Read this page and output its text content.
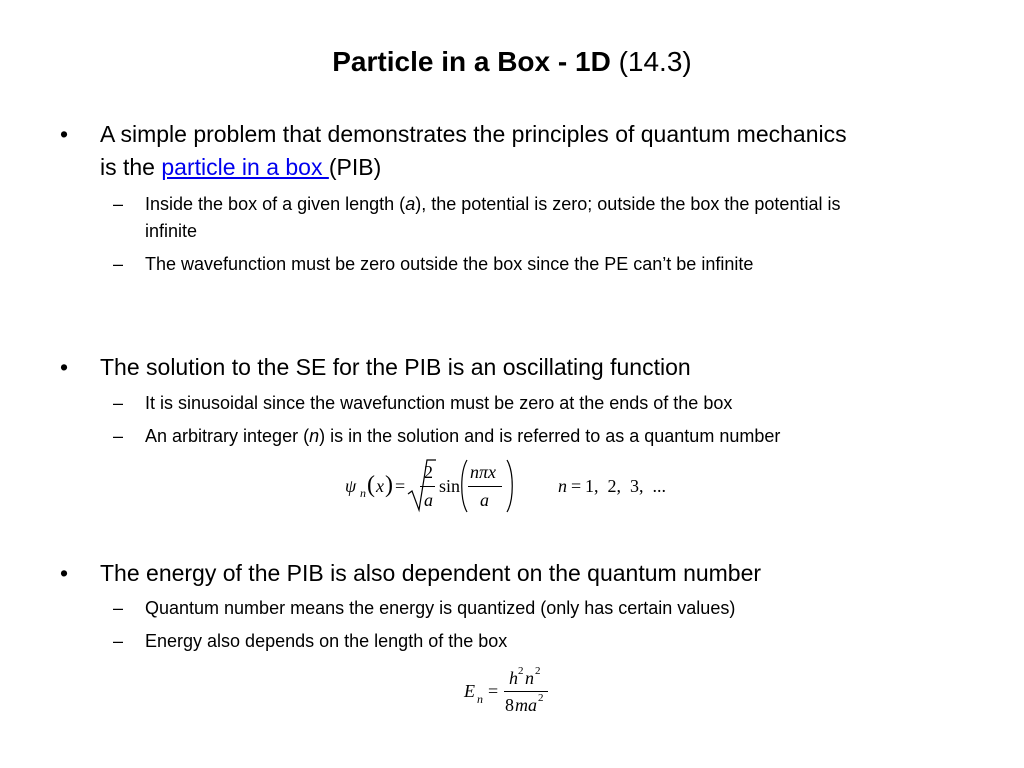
Particle in a Box - 1D (14.3)
• A simple problem that demonstrates the principles of quantum mechanics
is the particle in a box (PIB)
– Inside the box of a given length (a), the potential is zero; outside the box the potential is
infinite
– The wavefunction must be zero outside the box since the PE can’t be infinite
• The solution to the SE for the PIB is an oscillating function
– It is sinusoidal since the wavefunction must be zero at the ends of the box
– An arbitrary integer (n) is in the solution and is referred to as a quantum number
ψ n ( x ) =
2
a
sin
nπx
a
n = 1,  2,  3,  ...
• The energy of the PIB is also dependent on the quantum number
– Quantum number means the energy is quantized (only has certain values)
– Energy also depends on the length of the box
E n =
h 2 n 2
8 ma 2
